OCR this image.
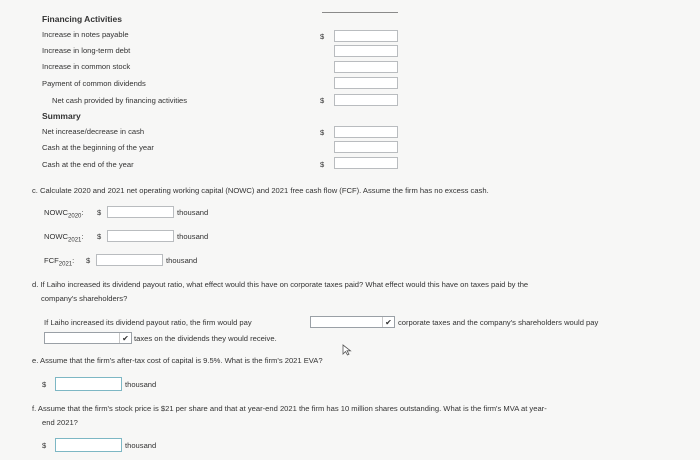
Financing Activities
Increase in notes payable	$
Increase in long-term debt
Increase in common stock
Payment of common dividends
Net cash provided by financing activities	$
Summary
Net increase/decrease in cash	$
Cash at the beginning of the year
Cash at the end of the year	$
c. Calculate 2020 and 2021 net operating working capital (NOWC) and 2021 free cash flow (FCF). Assume the firm has no excess cash.
$NOWC_{2020}$: $	thousand
$NOWC_{2021}$: $	thousand
$FCF_{2021}$: $	thousand
d. If Laiho increased its dividend payout ratio, what effect would this have on corporate taxes paid? What effect would this have on taxes paid by the
company's shareholders?
If Laiho increased its dividend payout ratio, the firm would pay	✔ corporate taxes and the company's shareholders would pay
✔ taxes on the dividends they would receive.
e. Assume that the firm's after-tax cost of capital is 9.5%. What is the firm's 2021 EVA?
$	thousand
f. Assume that the firm's stock price is $21 per share and that at year-end 2021 the firm has 10 million shares outstanding. What is the firm's MVA at year-
end 2021?
$	thousand
